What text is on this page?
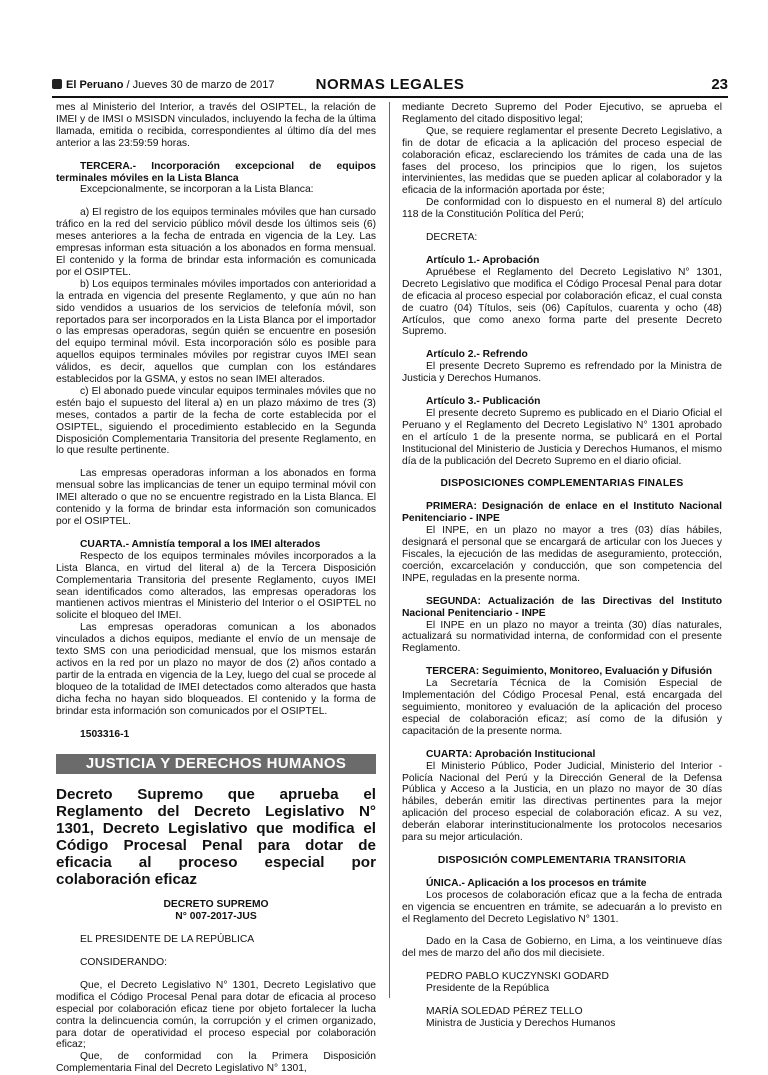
El Peruano / Jueves 30 de marzo de 2017	NORMAS LEGALES	23

mes al Ministerio del Interior, a través del OSIPTEL, la relación de IMEI y de IMSI o MSISDN vinculados, incluyendo la fecha de la última llamada, emitida o recibida, correspondientes al último día del mes anterior a las 23:59:59 horas.

TERCERA.- Incorporación excepcional de equipos terminales móviles en la Lista Blanca

Excepcionalmente, se incorporan a la Lista Blanca:

a) El registro de los equipos terminales móviles que han cursado tráfico en la red del servicio público móvil desde los últimos seis (6) meses anteriores a la fecha de entrada en vigencia de la Ley. Las empresas informan esta situación a los abonados en forma mensual. El contenido y la forma de brindar esta información es comunicada por el OSIPTEL.

b) Los equipos terminales móviles importados con anterioridad a la entrada en vigencia del presente Reglamento, y que aún no han sido vendidos a usuarios de los servicios de telefonía móvil, son reportados para ser incorporados en la Lista Blanca por el importador o las empresas operadoras, según quién se encuentre en posesión del equipo terminal móvil. Esta incorporación sólo es posible para aquellos equipos terminales móviles por registrar cuyos IMEI sean válidos, es decir, aquellos que cumplan con los estándares establecidos por la GSMA, y estos no sean IMEI alterados.

c) El abonado puede vincular equipos terminales móviles que no estén bajo el supuesto del literal a) en un plazo máximo de tres (3) meses, contados a partir de la fecha de corte establecida por el OSIPTEL, siguiendo el procedimiento establecido en la Segunda Disposición Complementaria Transitoria del presente Reglamento, en lo que resulte pertinente.

Las empresas operadoras informan a los abonados en forma mensual sobre las implicancias de tener un equipo terminal móvil con IMEI alterado o que no se encuentre registrado en la Lista Blanca. El contenido y la forma de brindar esta información son comunicados por el OSIPTEL.

CUARTA.- Amnistía temporal a los IMEI alterados

Respecto de los equipos terminales móviles incorporados a la Lista Blanca, en virtud del literal a) de la Tercera Disposición Complementaria Transitoria del presente Reglamento, cuyos IMEI sean identificados como alterados, las empresas operadoras los mantienen activos mientras el Ministerio del Interior o el OSIPTEL no solicite el bloqueo del IMEI.

Las empresas operadoras comunican a los abonados vinculados a dichos equipos, mediante el envío de un mensaje de texto SMS con una periodicidad mensual, que los mismos estarán activos en la red por un plazo no mayor de dos (2) años contado a partir de la entrada en vigencia de la Ley, luego del cual se procede al bloqueo de la totalidad de IMEI detectados como alterados que hasta dicha fecha no hayan sido bloqueados. El contenido y la forma de brindar esta información son comunicados por el OSIPTEL.

1503316-1

JUSTICIA Y DERECHOS HUMANOS
Decreto Supremo que aprueba el Reglamento del Decreto Legislativo N° 1301, Decreto Legislativo que modifica el Código Procesal Penal para dotar de eficacia al proceso especial por colaboración eficaz

DECRETO SUPREMO

N° 007-2017-JUS

EL PRESIDENTE DE LA REPÚBLICA

CONSIDERANDO:

Que, el Decreto Legislativo N° 1301, Decreto Legislativo que modifica el Código Procesal Penal para dotar de eficacia al proceso especial por colaboración eficaz tiene por objeto fortalecer la lucha contra la delincuencia común, la corrupción y el crimen organizado, para dotar de operatividad el proceso especial por colaboración eficaz;

Que, de conformidad con la Primera Disposición Complementaria Final del Decreto Legislativo N° 1301,

mediante Decreto Supremo del Poder Ejecutivo, se aprueba el Reglamento del citado dispositivo legal;

Que, se requiere reglamentar el presente Decreto Legislativo, a fin de dotar de eficacia a la aplicación del proceso especial de colaboración eficaz, esclareciendo los trámites de cada una de las fases del proceso, los principios que lo rigen, los sujetos intervinientes, las medidas que se pueden aplicar al colaborador y la eficacia de la información aportada por éste;

De conformidad con lo dispuesto en el numeral 8) del artículo 118 de la Constitución Política del Perú;

DECRETA:

Artículo 1.- Aprobación

Apruébese el Reglamento del Decreto Legislativo N° 1301, Decreto Legislativo que modifica el Código Procesal Penal para dotar de eficacia al proceso especial por colaboración eficaz, el cual consta de cuatro (04) Títulos, seis (06) Capítulos, cuarenta y ocho (48) Artículos, que como anexo forma parte del presente Decreto Supremo.

Artículo 2.- Refrendo

El presente Decreto Supremo es refrendado por la Ministra de Justicia y Derechos Humanos.

Artículo 3.- Publicación

El presente decreto Supremo es publicado en el Diario Oficial el Peruano y el Reglamento del Decreto Legislativo N° 1301 aprobado en el artículo 1 de la presente norma, se publicará en el Portal Institucional del Ministerio de Justicia y Derechos Humanos, el mismo día de la publicación del Decreto Supremo en el diario oficial.

DISPOSICIONES COMPLEMENTARIAS FINALES

PRIMERA: Designación de enlace en el Instituto Nacional Penitenciario - INPE

El INPE, en un plazo no mayor a tres (03) días hábiles, designará el personal que se encargará de articular con los Jueces y Fiscales, la ejecución de las medidas de aseguramiento, protección, coerción, excarcelación y conducción, que son competencia del INPE, reguladas en la presente norma.

SEGUNDA: Actualización de las Directivas del Instituto Nacional Penitenciario - INPE

El INPE en un plazo no mayor a treinta (30) días naturales, actualizará su normatividad interna, de conformidad con el presente Reglamento.

TERCERA: Seguimiento, Monitoreo, Evaluación y Difusión

La Secretaría Técnica de la Comisión Especial de Implementación del Código Procesal Penal, está encargada del seguimiento, monitoreo y evaluación de la aplicación del proceso especial de colaboración eficaz; así como de la difusión y capacitación de la presente norma.

CUARTA: Aprobación Institucional

El Ministerio Público, Poder Judicial, Ministerio del Interior - Policía Nacional del Perú y la Dirección General de la Defensa Pública y Acceso a la Justicia, en un plazo no mayor de 30 días hábiles, deberán emitir las directivas pertinentes para la mejor aplicación del proceso especial de colaboración eficaz. A su vez, deberán elaborar interinstitucionalmente los protocolos necesarios para su mejor articulación.

DISPOSICIÓN COMPLEMENTARIA TRANSITORIA

ÚNICA.- Aplicación a los procesos en trámite

Los procesos de colaboración eficaz que a la fecha de entrada en vigencia se encuentren en trámite, se adecuarán a lo previsto en el Reglamento del Decreto Legislativo N° 1301.

Dado en la Casa de Gobierno, en Lima, a los veintinueve días del mes de marzo del año dos mil diecisiete.

PEDRO PABLO KUCZYNSKI GODARD

Presidente de la República

MARÍA SOLEDAD PÉREZ TELLO

Ministra de Justicia y Derechos Humanos
